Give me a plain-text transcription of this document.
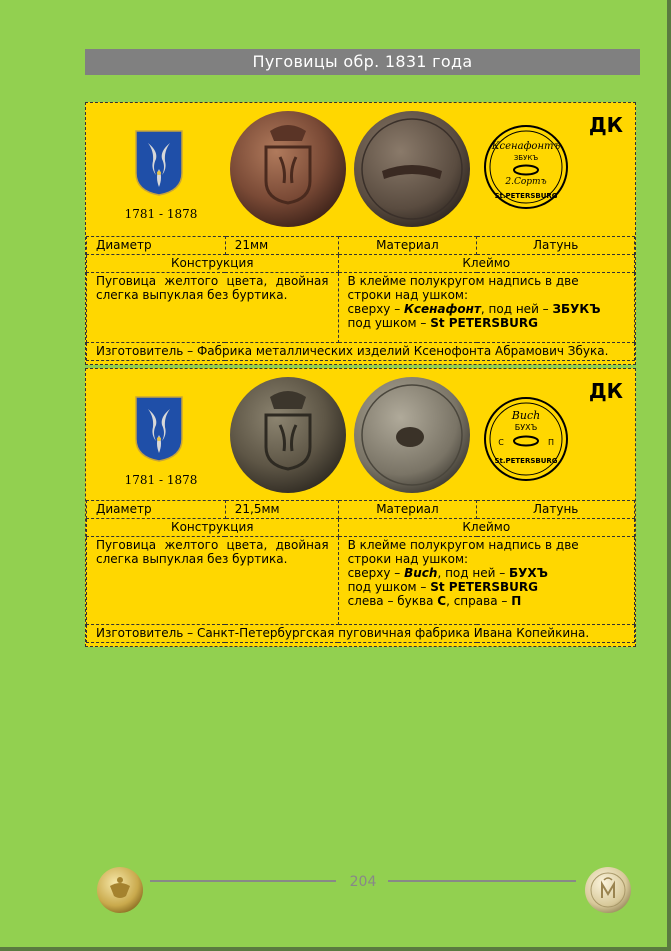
Пуговицы обр. 1831 года
1781 - 1878
Ксенафонтъ
ЗБУКЪ
2.Сортъ
St.PETERSBURG
ДК
Диаметр	21мм	Материал	Латунь
Конструкция		Клеймо	
Пуговица желтого цвета, двойная слегка выпуклая без буртика.		В клейме полукругом надпись в две строки над ушком:
сверху – Ксенафонт, под ней – ЗБУКЪ
под ушком – St PETERSBURG	

Изготовитель – Фабрика металлических изделий Ксенофонта Абрамович Збука.			
1781 - 1878
Buch
БУХЪ
С	П
St.PETERSBURG
ДК
Диаметр	21,5мм	Материал	Латунь
Конструкция		Клеймо	
Пуговица желтого цвета, двойная слегка выпуклая без буртика.		В клейме полукругом надпись в две строки над ушком:
сверху – Buch, под ней – БУХЪ
под ушком – St PETERSBURG
слева – буква С, справа – П	

Изготовитель – Санкт-Петербургская пуговичная фабрика Ивана Копейкина.			
204
